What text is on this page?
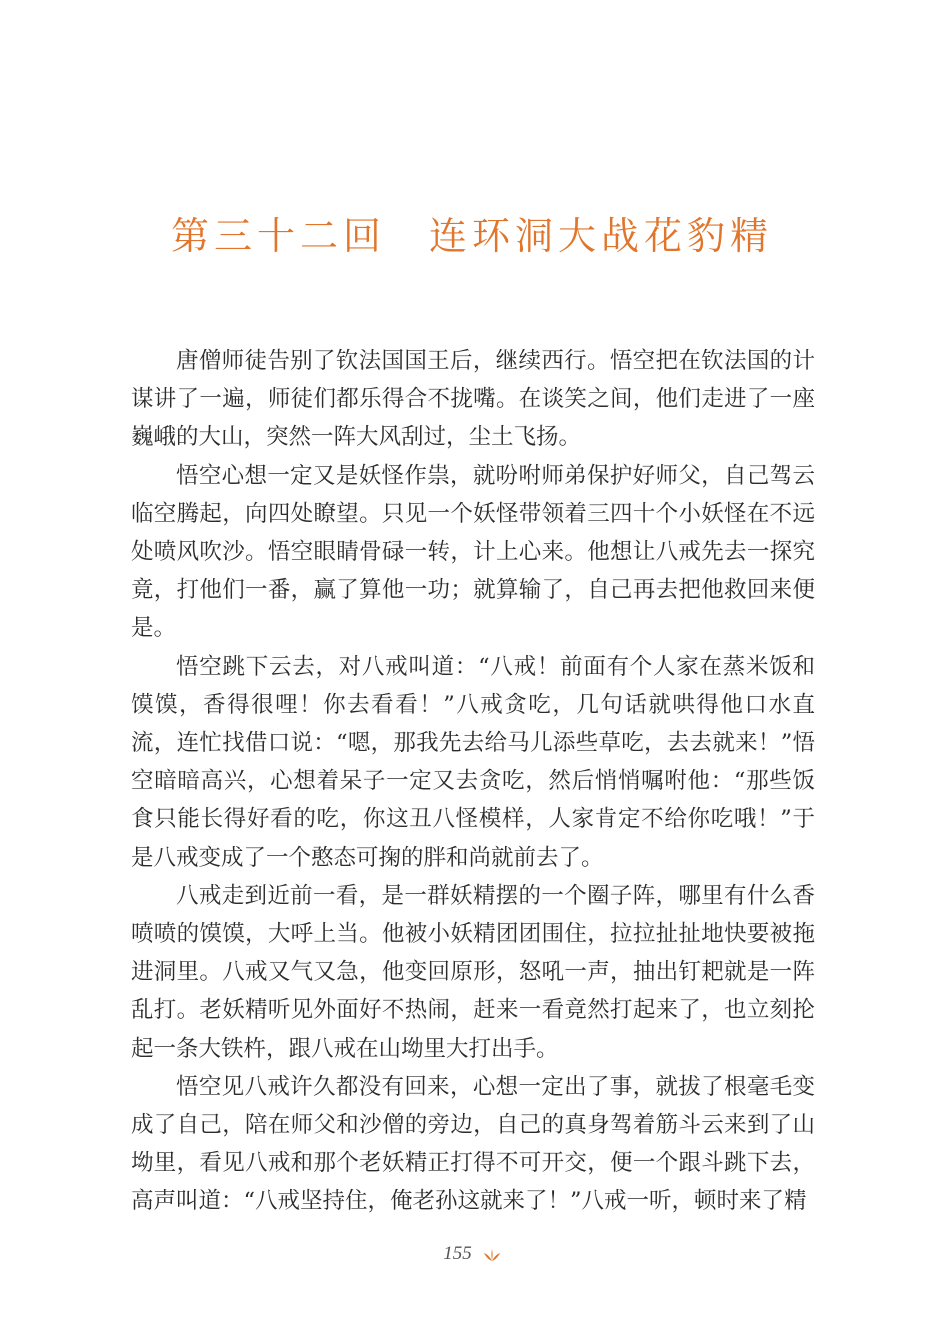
第三十二回　连环洞大战花豹精

唐僧师徒告别了钦法国国王后，继续西行。悟空把在钦法国的计谋讲了一遍，师徒们都乐得合不拢嘴。在谈笑之间，他们走进了一座巍峨的大山，突然一阵大风刮过，尘土飞扬。

悟空心想一定又是妖怪作祟，就吩咐师弟保护好师父，自己驾云临空腾起，向四处瞭望。只见一个妖怪带领着三四十个小妖怪在不远处喷风吹沙。悟空眼睛骨碌一转，计上心来。他想让八戒先去一探究竟，打他们一番，赢了算他一功；就算输了，自己再去把他救回来便是。

悟空跳下云去，对八戒叫道：“八戒！前面有个人家在蒸米饭和馍馍，香得很哩！你去看看！”八戒贪吃，几句话就哄得他口水直流，连忙找借口说：“嗯，那我先去给马儿添些草吃，去去就来！”悟空暗暗高兴，心想着呆子一定又去贪吃，然后悄悄嘱咐他：“那些饭食只能长得好看的吃，你这丑八怪模样，人家肯定不给你吃哦！”于是八戒变成了一个憨态可掬的胖和尚就前去了。

八戒走到近前一看，是一群妖精摆的一个圈子阵，哪里有什么香喷喷的馍馍，大呼上当。他被小妖精团团围住，拉拉扯扯地快要被拖进洞里。八戒又气又急，他变回原形，怒吼一声，抽出钉耙就是一阵乱打。老妖精听见外面好不热闹，赶来一看竟然打起来了，也立刻抡起一条大铁杵，跟八戒在山坳里大打出手。

悟空见八戒许久都没有回来，心想一定出了事，就拔了根毫毛变成了自己，陪在师父和沙僧的旁边，自己的真身驾着筋斗云来到了山坳里，看见八戒和那个老妖精正打得不可开交，便一个跟斗跳下去，高声叫道：“八戒坚持住，俺老孙这就来了！”八戒一听，顿时来了精

155
